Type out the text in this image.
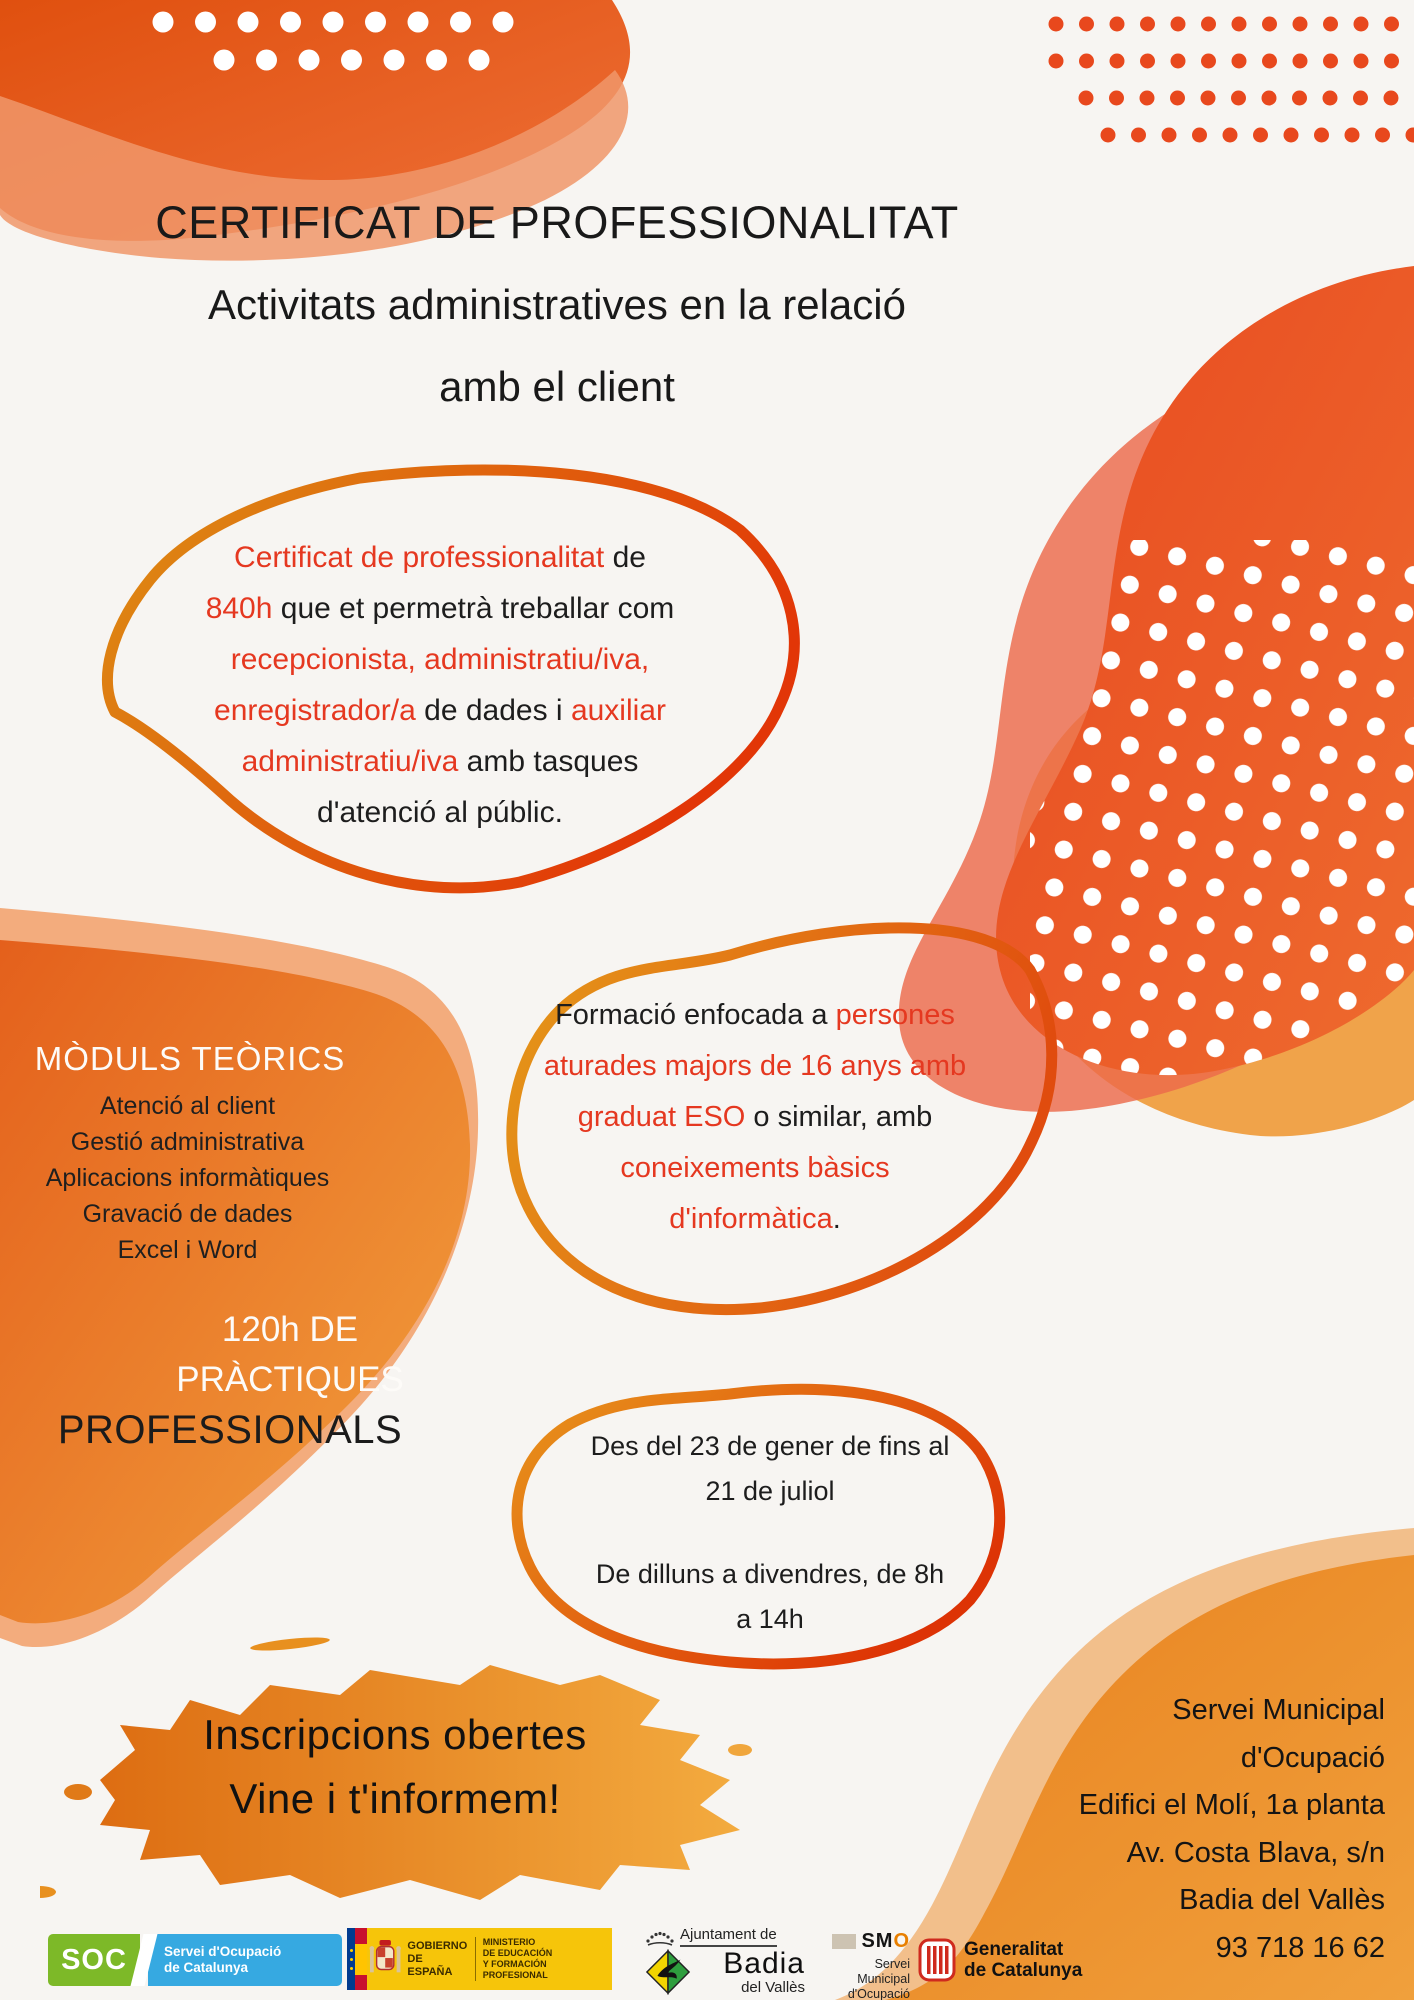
CERTIFICAT DE PROFESSIONALITAT
Activitats administratives en la relació
amb el client
Certificat de professionalitat de
840h que et permetrà treballar com
recepcionista, administratiu/iva,
enregistrador/a de dades i auxiliar
administratiu/iva amb tasques
d'atenció al públic.
Formació enfocada a persones
aturades majors de 16 anys amb
graduat ESO o similar, amb
coneixements bàsics
d'informàtica.
Des del 23 de gener de fins al
21 de juliol
De dilluns a divendres, de 8h
a 14h
MÒDULS TEÒRICS
Atenció al client
Gestió administrativa
Aplicacions informàtiques
Gravació de dades
Excel i Word
120h DE
PRÀCTIQUES
PROFESSIONALS
Inscripcions obertes
Vine i t'informem!
Servei Municipal
d'Ocupació
Edifici el Molí, 1a planta
Av. Costa Blava, s/n
Badia del Vallès
93 718 16 62
SOC	Servei d'Ocupació
de Catalunya
GOBIERNO
DE ESPAÑA
MINISTERIO
DE EDUCACIÓN
Y FORMACIÓN PROFESIONAL
Ajuntament de
Badia
del Vallès
SMO
Servei
Municipal
d'Ocupació
Generalitat
de Catalunya
